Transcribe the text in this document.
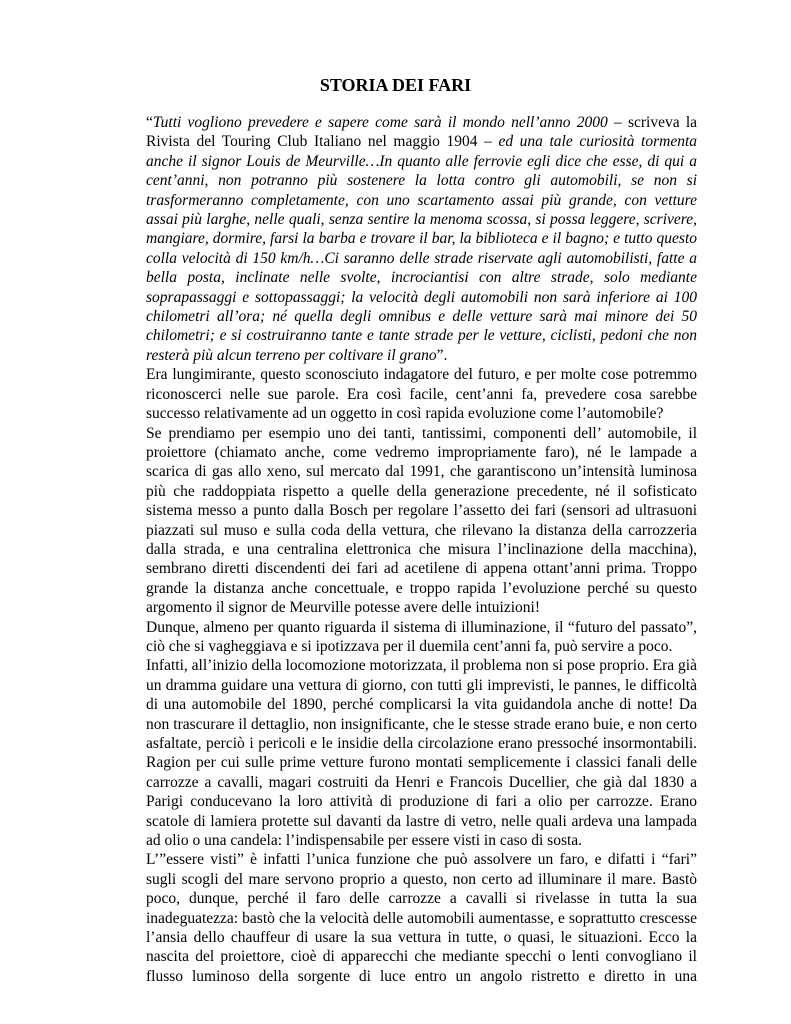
STORIA DEI FARI

“Tutti vogliono prevedere e sapere come sarà il mondo nell’anno 2000 – scriveva la Rivista del Touring Club Italiano nel maggio 1904 – ed una tale curiosità tormenta anche il signor Louis de Meurville…In quanto alle ferrovie egli dice che esse, di qui a cent’anni, non potranno più sostenere la lotta contro gli automobili, se non si trasformeranno completamente, con uno scartamento assai più grande, con vetture assai più larghe, nelle quali, senza sentire la menoma scossa, si possa leggere, scrivere, mangiare, dormire, farsi la barba e trovare il bar, la biblioteca e il bagno; e tutto questo colla velocità di 150 km/h…Ci saranno delle strade riservate agli automobilisti, fatte a bella posta, inclinate nelle svolte, incrociantisi con altre strade, solo mediante soprapassaggi e sottopassaggi; la velocità degli automobili non sarà inferiore ai 100 chilometri all’ora; né quella degli omnibus e delle vetture sarà mai minore dei 50 chilometri; e si costruiranno tante e tante strade per le vetture, ciclisti, pedoni che non resterà più alcun terreno per coltivare il grano”.

Era lungimirante, questo sconosciuto indagatore del futuro, e per molte cose potremmo riconoscerci nelle sue parole. Era così facile, cent’anni fa, prevedere cosa sarebbe successo relativamente ad un oggetto in così rapida evoluzione come l’automobile?

Se prendiamo per esempio uno dei tanti, tantissimi, componenti dell’ automobile, il proiettore (chiamato anche, come vedremo impropriamente faro), né le lampade a scarica di gas allo xeno, sul mercato dal 1991, che garantiscono un’intensità luminosa più che raddoppiata rispetto a quelle della generazione precedente, né il sofisticato sistema messo a punto dalla Bosch per regolare l’assetto dei fari (sensori ad ultrasuoni piazzati sul muso e sulla coda della vettura, che rilevano la distanza della carrozzeria dalla strada, e una centralina elettronica che misura l’inclinazione della macchina), sembrano diretti discendenti dei fari ad acetilene di appena ottant’anni prima. Troppo grande la distanza anche concettuale, e troppo rapida l’evoluzione perché su questo argomento il signor de Meurville potesse avere delle intuizioni!

Dunque, almeno per quanto riguarda il sistema di illuminazione, il “futuro del passato”, ciò che si vagheggiava e si ipotizzava per il duemila cent’anni fa, può servire a poco.

Infatti, all’inizio della locomozione motorizzata, il problema non si pose proprio. Era già un dramma guidare una vettura di giorno, con tutti gli imprevisti, le pannes, le difficoltà di una automobile del 1890, perché complicarsi la vita guidandola anche di notte! Da non trascurare il dettaglio, non insignificante, che le stesse strade erano buie, e non certo asfaltate, perciò i pericoli e le insidie della circolazione erano pressoché insormontabili. Ragion per cui sulle prime vetture furono montati semplicemente i classici fanali delle carrozze a cavalli, magari costruiti da Henri e Francois Ducellier, che già dal 1830 a Parigi conducevano la loro attività di produzione di fari a olio per carrozze. Erano scatole di lamiera protette sul davanti da lastre di vetro, nelle quali ardeva una lampada ad olio o una candela: l’indispensabile per essere visti in caso di sosta.

L’”essere visti” è infatti l’unica funzione che può assolvere un faro, e difatti i “fari” sugli scogli del mare servono proprio a questo, non certo ad illuminare il mare. Bastò poco, dunque, perché il faro delle carrozze a cavalli si rivelasse in tutta la sua inadeguatezza: bastò che la velocità delle automobili aumentasse, e soprattutto crescesse l’ansia dello chauffeur di usare la sua vettura in tutte, o quasi, le situazioni. Ecco la nascita del proiettore, cioè di apparecchi che mediante specchi o lenti convogliano il flusso luminoso della sorgente di luce entro un angolo ristretto e diretto in una
